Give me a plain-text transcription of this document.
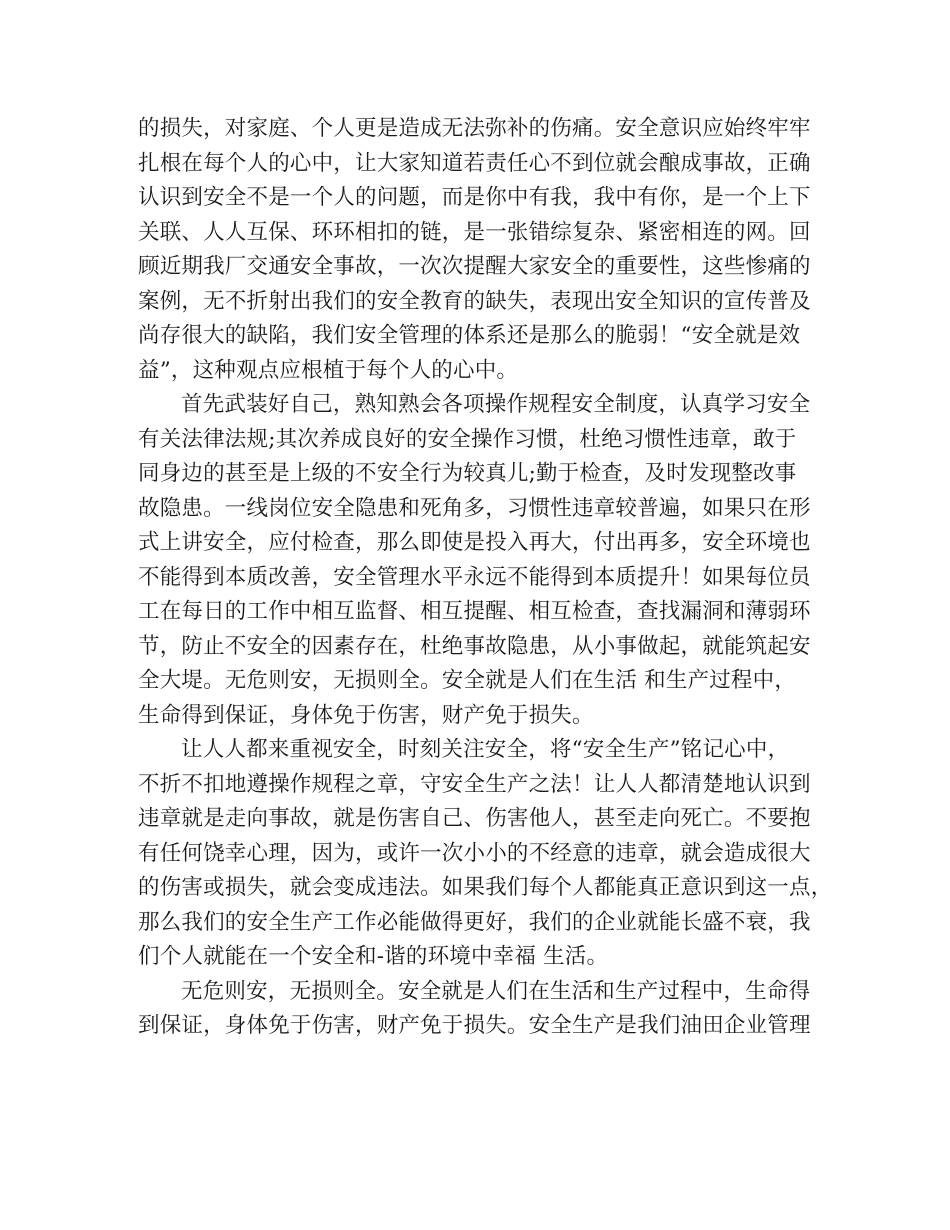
的损失，对家庭、个人更是造成无法弥补的伤痛。安全意识应始终牢牢
扎根在每个人的心中，让大家知道若责任心不到位就会酿成事故，正确
认识到安全不是一个人的问题，而是你中有我，我中有你，是一个上下
关联、人人互保、环环相扣的链，是一张错综复杂、紧密相连的网。回
顾近期我厂交通安全事故，一次次提醒大家安全的重要性，这些惨痛的
案例，无不折射出我们的安全教育的缺失，表现出安全知识的宣传普及
尚存很大的缺陷，我们安全管理的体系还是那么的脆弱！“安全就是效
益”，这种观点应根植于每个人的心中。
首先武装好自己，熟知熟会各项操作规程安全制度，认真学习安全
有关法律法规;其次养成良好的安全操作习惯，杜绝习惯性违章，敢于
同身边的甚至是上级的不安全行为较真儿;勤于检查，及时发现整改事
故隐患。一线岗位安全隐患和死角多，习惯性违章较普遍，如果只在形
式上讲安全，应付检查，那么即使是投入再大，付出再多，安全环境也
不能得到本质改善，安全管理水平永远不能得到本质提升！如果每位员
工在每日的工作中相互监督、相互提醒、相互检查，查找漏洞和薄弱环
节，防止不安全的因素存在，杜绝事故隐患，从小事做起，就能筑起安
全大堤。无危则安，无损则全。安全就是人们在生活 和生产过程中，
生命得到保证，身体免于伤害，财产免于损失。
让人人都来重视安全，时刻关注安全，将“安全生产”铭记心中，
不折不扣地遵操作规程之章，守安全生产之法！让人人都清楚地认识到
违章就是走向事故，就是伤害自己、伤害他人，甚至走向死亡。不要抱
有任何饶幸心理，因为，或许一次小小的不经意的违章，就会造成很大
的伤害或损失，就会变成违法。如果我们每个人都能真正意识到这一点，
那么我们的安全生产工作必能做得更好，我们的企业就能长盛不衰，我
们个人就能在一个安全和-谐的环境中幸福 生活。
无危则安，无损则全。安全就是人们在生活和生产过程中，生命得
到保证，身体免于伤害，财产免于损失。安全生产是我们油田企业管理
